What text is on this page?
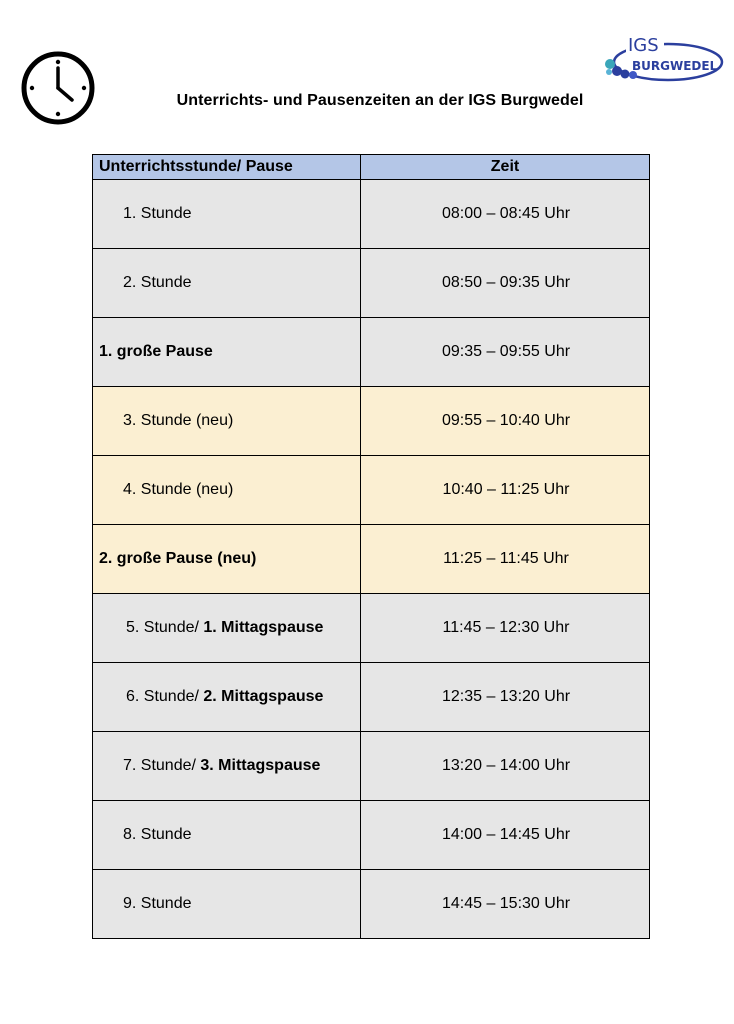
IGS
BURGWEDEL
Unterrichts- und Pausenzeiten an der IGS Burgwedel
Unterrichtsstunde/ Pause	Zeit
1. Stunde	08:00 – 08:45 Uhr
2. Stunde	08:50 – 09:35 Uhr
1. große Pause	09:35 – 09:55 Uhr
3. Stunde (neu)	09:55 – 10:40 Uhr
4. Stunde (neu)	10:40 – 11:25 Uhr
2. große Pause (neu)	11:25 – 11:45 Uhr
5. Stunde/ 1. Mittagspause	11:45 – 12:30 Uhr
6. Stunde/ 2. Mittagspause	12:35 – 13:20 Uhr
7. Stunde/ 3. Mittagspause	13:20 – 14:00 Uhr
8. Stunde	14:00 – 14:45 Uhr
9. Stunde	14:45 – 15:30 Uhr
